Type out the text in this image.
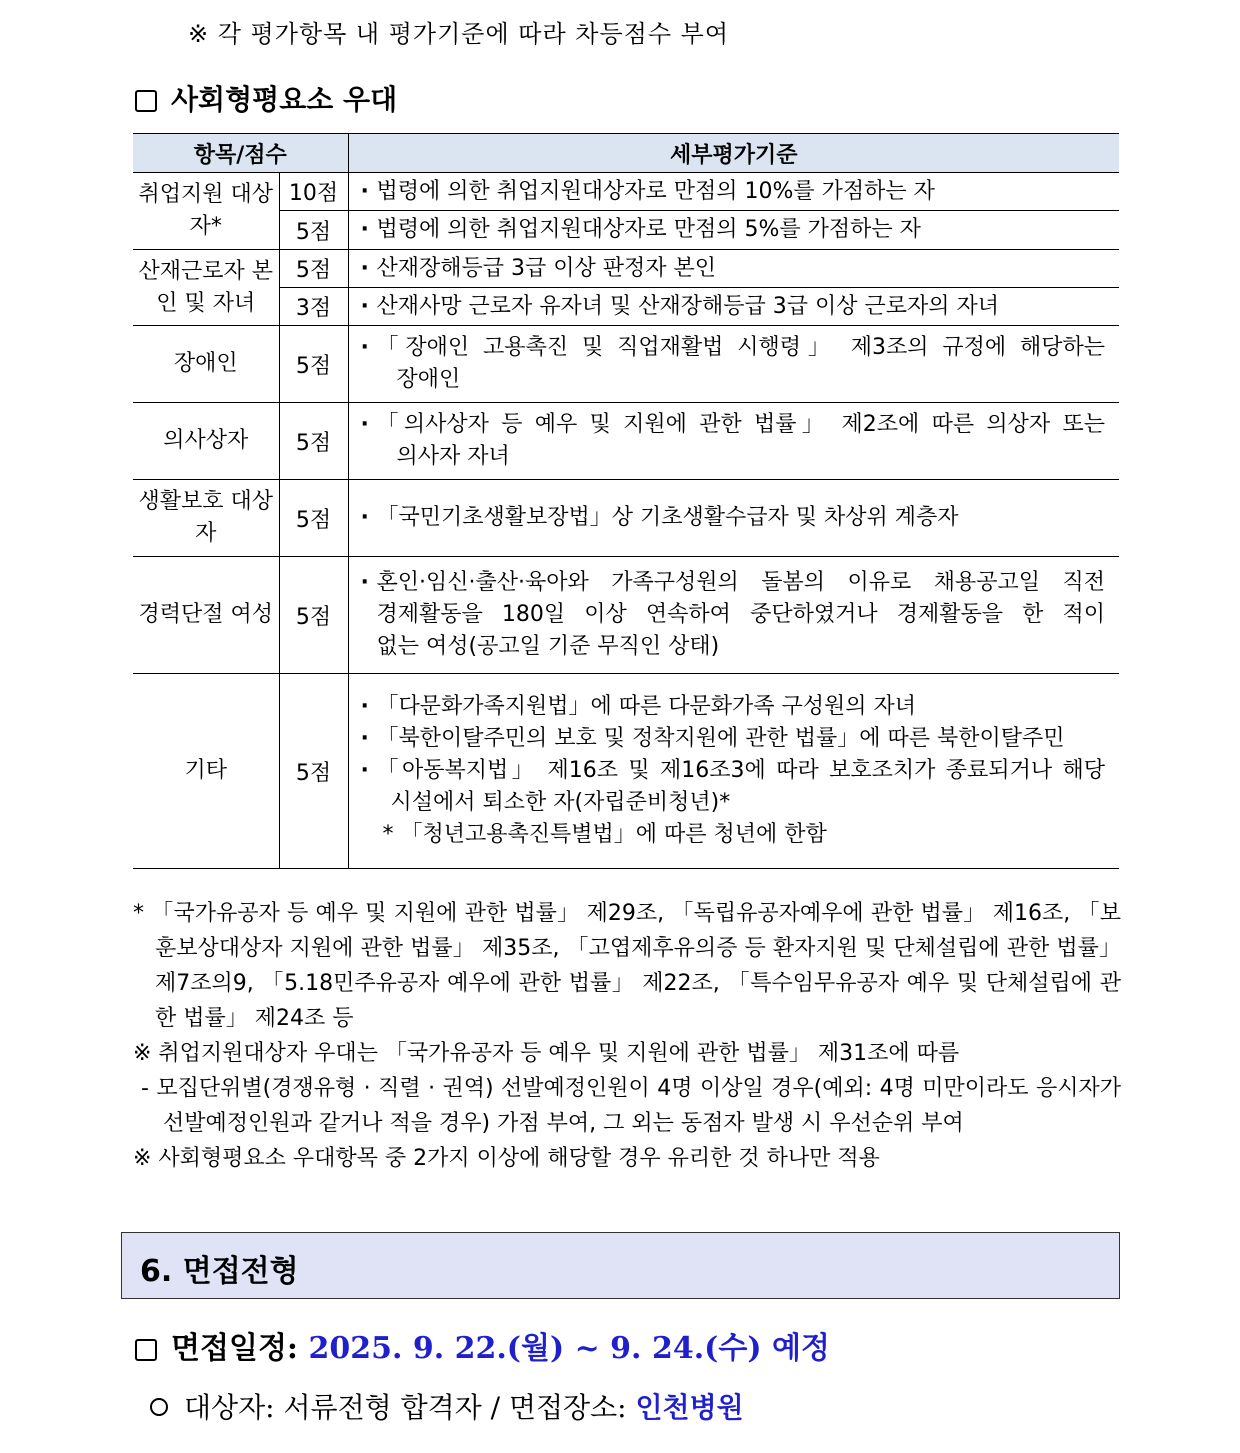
※ 각 평가항목 내 평가기준에 따라 차등점수 부여
사회형평요소 우대
항목/점수		세부평가기준
취업지원 대상자*	10점	· 법령에 의한 취업지원대상자로 만점의 10%를 가점하는 자

	5점	· 법령에 의한 취업지원대상자로 만점의 5%를 가점하는 자

산재근로자 본인 및 자녀	5점	· 산재장해등급 3급 이상 판정자 본인

	3점	· 산재사망 근로자 유자녀 및 산재장해등급 3급 이상 근로자의 자녀

장애인	5점	· 「장애인 고용촉진 및 직업재활법 시행령」 제3조의 규정에 해당하는
장애인

의사상자	5점	· 「의사상자 등 예우 및 지원에 관한 법률」 제2조에 따른 의상자 또는
의사자 자녀

생활보호 대상자	5점	· 「국민기초생활보장법」상 기초생활수급자 및 차상위 계층자

경력단절 여성	5점	· 혼인·임신·출산·육아와 가족구성원의 돌봄의 이유로 채용공고일 직전
경제활동을 180일 이상 연속하여 중단하였거나 경제활동을 한 적이
없는 여성(공고일 기준 무직인 상태)

기타	5점	· 「다문화가족지원법」에 따른 다문화가족 구성원의 자녀
· 「북한이탈주민의 보호 및 정착지원에 관한 법률」에 따른 북한이탈주민
· 「아동복지법」 제16조 및 제16조3에 따라 보호조치가 종료되거나 해당
시설에서 퇴소한 자(자립준비청년)*
* 「청년고용촉진특별법」에 따른 청년에 한함

* 「국가유공자 등 예우 및 지원에 관한 법률」 제29조, 「독립유공자예우에 관한 법률」 제16조, 「보훈보상대상자 지원에 관한 법률」 제35조, 「고엽제후유의증 등 환자지원 및 단체설립에 관한 법률」 제7조의9, 「5.18민주유공자 예우에 관한 법률」 제22조, 「특수임무유공자 예우 및 단체설립에 관한 법률」 제24조 등

※ 취업지원대상자 우대는 「국가유공자 등 예우 및 지원에 관한 법률」 제31조에 따름

- 모집단위별(경쟁유형 · 직렬 · 권역) 선발예정인원이 4명 이상일 경우(예외: 4명 미만이라도 응시자가 선발예정인원과 같거나 적을 경우) 가점 부여, 그 외는 동점자 발생 시 우선순위 부여

※ 사회형평요소 우대항목 중 2가지 이상에 해당할 경우 유리한 것 하나만 적용

6. 면접전형
면접일정: 2025. 9. 22.(월) ~ 9. 24.(수) 예정
대상자: 서류전형 합격자 / 면접장소: 인천병원
